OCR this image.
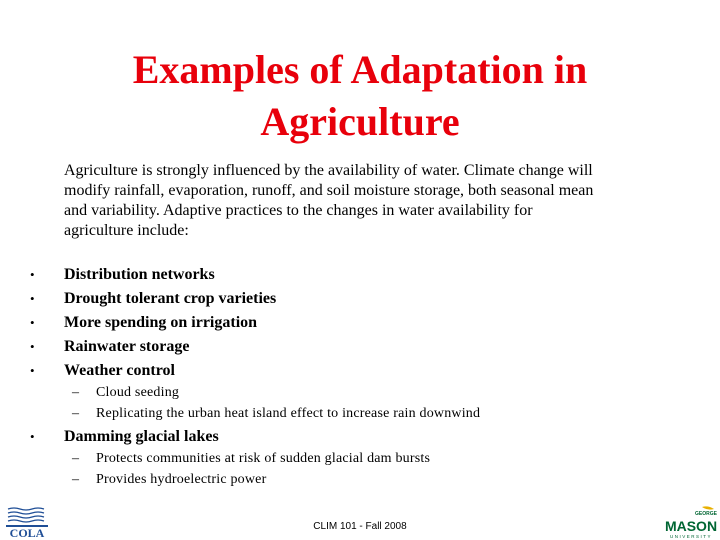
Examples of Adaptation in
Agriculture
Agriculture is strongly influenced by the availability of water. Climate change will
modify rainfall, evaporation, runoff, and soil moisture storage, both seasonal mean
and variability. Adaptive practices to the changes in water availability for
agriculture include:
• Distribution networks
• Drought tolerant crop varieties
• More spending on irrigation
• Rainwater storage
• Weather control
– Cloud seeding
– Replicating the urban heat island effect to increase rain downwind
• Damming glacial lakes
– Protects communities at risk of sudden glacial dam bursts
– Provides hydroelectric power
CLIM 101 - Fall 2008
COLA
GEORGE
MASON
UNIVERSITY
